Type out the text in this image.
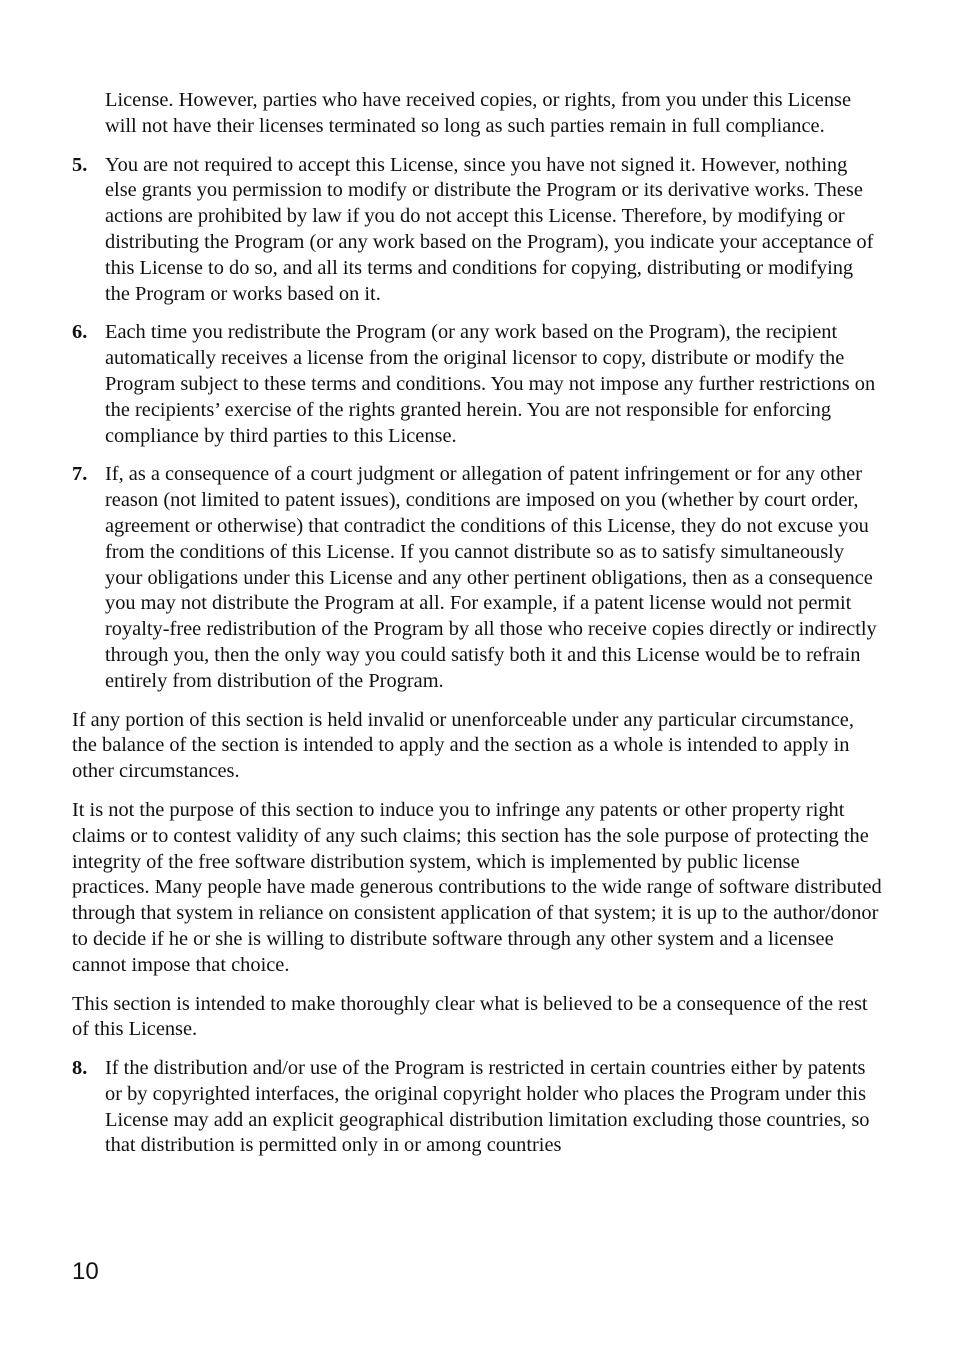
License. However, parties who have received copies, or rights, from you under this License will not have their licenses terminated so long as such parties remain in full compliance.

5. You are not required to accept this License, since you have not signed it. However, nothing else grants you permission to modify or distribute the Program or its derivative works. These actions are prohibited by law if you do not accept this License. Therefore, by modifying or distributing the Program (or any work based on the Program), you indicate your acceptance of this License to do so, and all its terms and conditions for copying, distributing or modifying the Program or works based on it.

6. Each time you redistribute the Program (or any work based on the Program), the recipient automatically receives a license from the original licensor to copy, distribute or modify the Program subject to these terms and conditions. You may not impose any further restrictions on the recipients’ exercise of the rights granted herein. You are not responsible for enforcing compliance by third parties to this License.

7. If, as a consequence of a court judgment or allegation of patent infringement or for any other reason (not limited to patent issues), conditions are imposed on you (whether by court order, agreement or otherwise) that contradict the conditions of this License, they do not excuse you from the conditions of this License. If you cannot distribute so as to satisfy simultaneously your obligations under this License and any other pertinent obligations, then as a consequence you may not distribute the Program at all. For example, if a patent license would not permit royalty-free redistribution of the Program by all those who receive copies directly or indirectly through you, then the only way you could satisfy both it and this License would be to refrain entirely from distribution of the Program.

If any portion of this section is held invalid or unenforceable under any particular circumstance, the balance of the section is intended to apply and the section as a whole is intended to apply in other circumstances.

It is not the purpose of this section to induce you to infringe any patents or other property right claims or to contest validity of any such claims; this section has the sole purpose of protecting the integrity of the free software distribution system, which is implemented by public license practices. Many people have made generous contributions to the wide range of software distributed through that system in reliance on consistent application of that system; it is up to the author/donor to decide if he or she is willing to distribute software through any other system and a licensee cannot impose that choice.

This section is intended to make thoroughly clear what is believed to be a consequence of the rest of this License.

8. If the distribution and/or use of the Program is restricted in certain countries either by patents or by copyrighted interfaces, the original copyright holder who places the Program under this License may add an explicit geographical distribution limitation excluding those countries, so that distribution is permitted only in or among countries

10
